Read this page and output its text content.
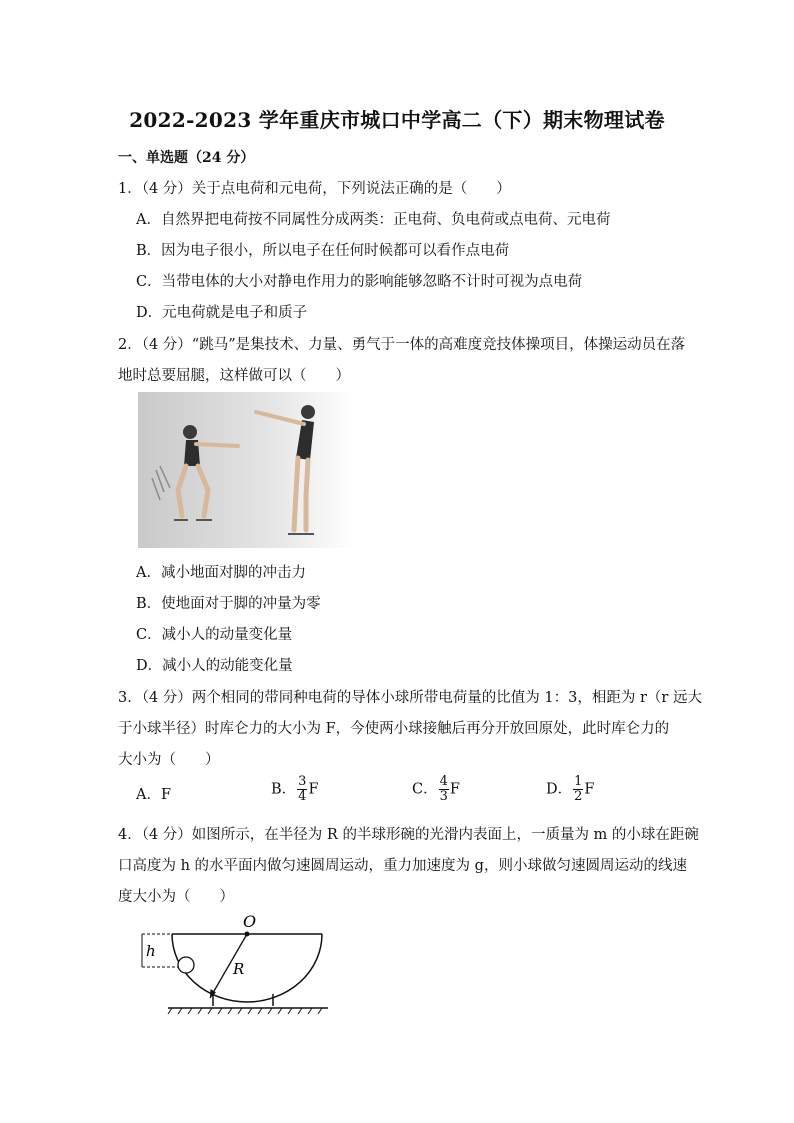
2022-2023 学年重庆市城口中学高二（下）期末物理试卷
一、单选题（24 分）
1．（4 分）关于点电荷和元电荷，下列说法正确的是（　　）
A．自然界把电荷按不同属性分成两类：正电荷、负电荷或点电荷、元电荷
B．因为电子很小，所以电子在任何时候都可以看作点电荷
C．当带电体的大小对静电作用力的影响能够忽略不计时可视为点电荷
D．元电荷就是电子和质子
2．（4 分）“跳马”是集技术、力量、勇气于一体的高难度竞技体操项目，体操运动员在落
地时总要屈腿，这样做可以（　　）
A．减小地面对脚的冲击力
B．使地面对于脚的冲量为零
C．减小人的动量变化量
D．减小人的动能变化量
3．（4 分）两个相同的带同种电荷的导体小球所带电荷量的比值为 1：3，相距为 r（r 远大
于小球半径）时库仑力的大小为 F，今使两小球接触后再分开放回原处，此时库仑力的
大小为（　　）
A．F	B． $\frac{3}{4}$ F	C． $\frac{4}{3}$ F	D． $\frac{1}{2}$ F
4．（4 分）如图所示，在半径为 R 的半球形碗的光滑内表面上，一质量为 m 的小球在距碗
口高度为 h 的水平面内做匀速圆周运动，重力加速度为 g，则小球做匀速圆周运动的线速
度大小为（　　）
O
R
h
